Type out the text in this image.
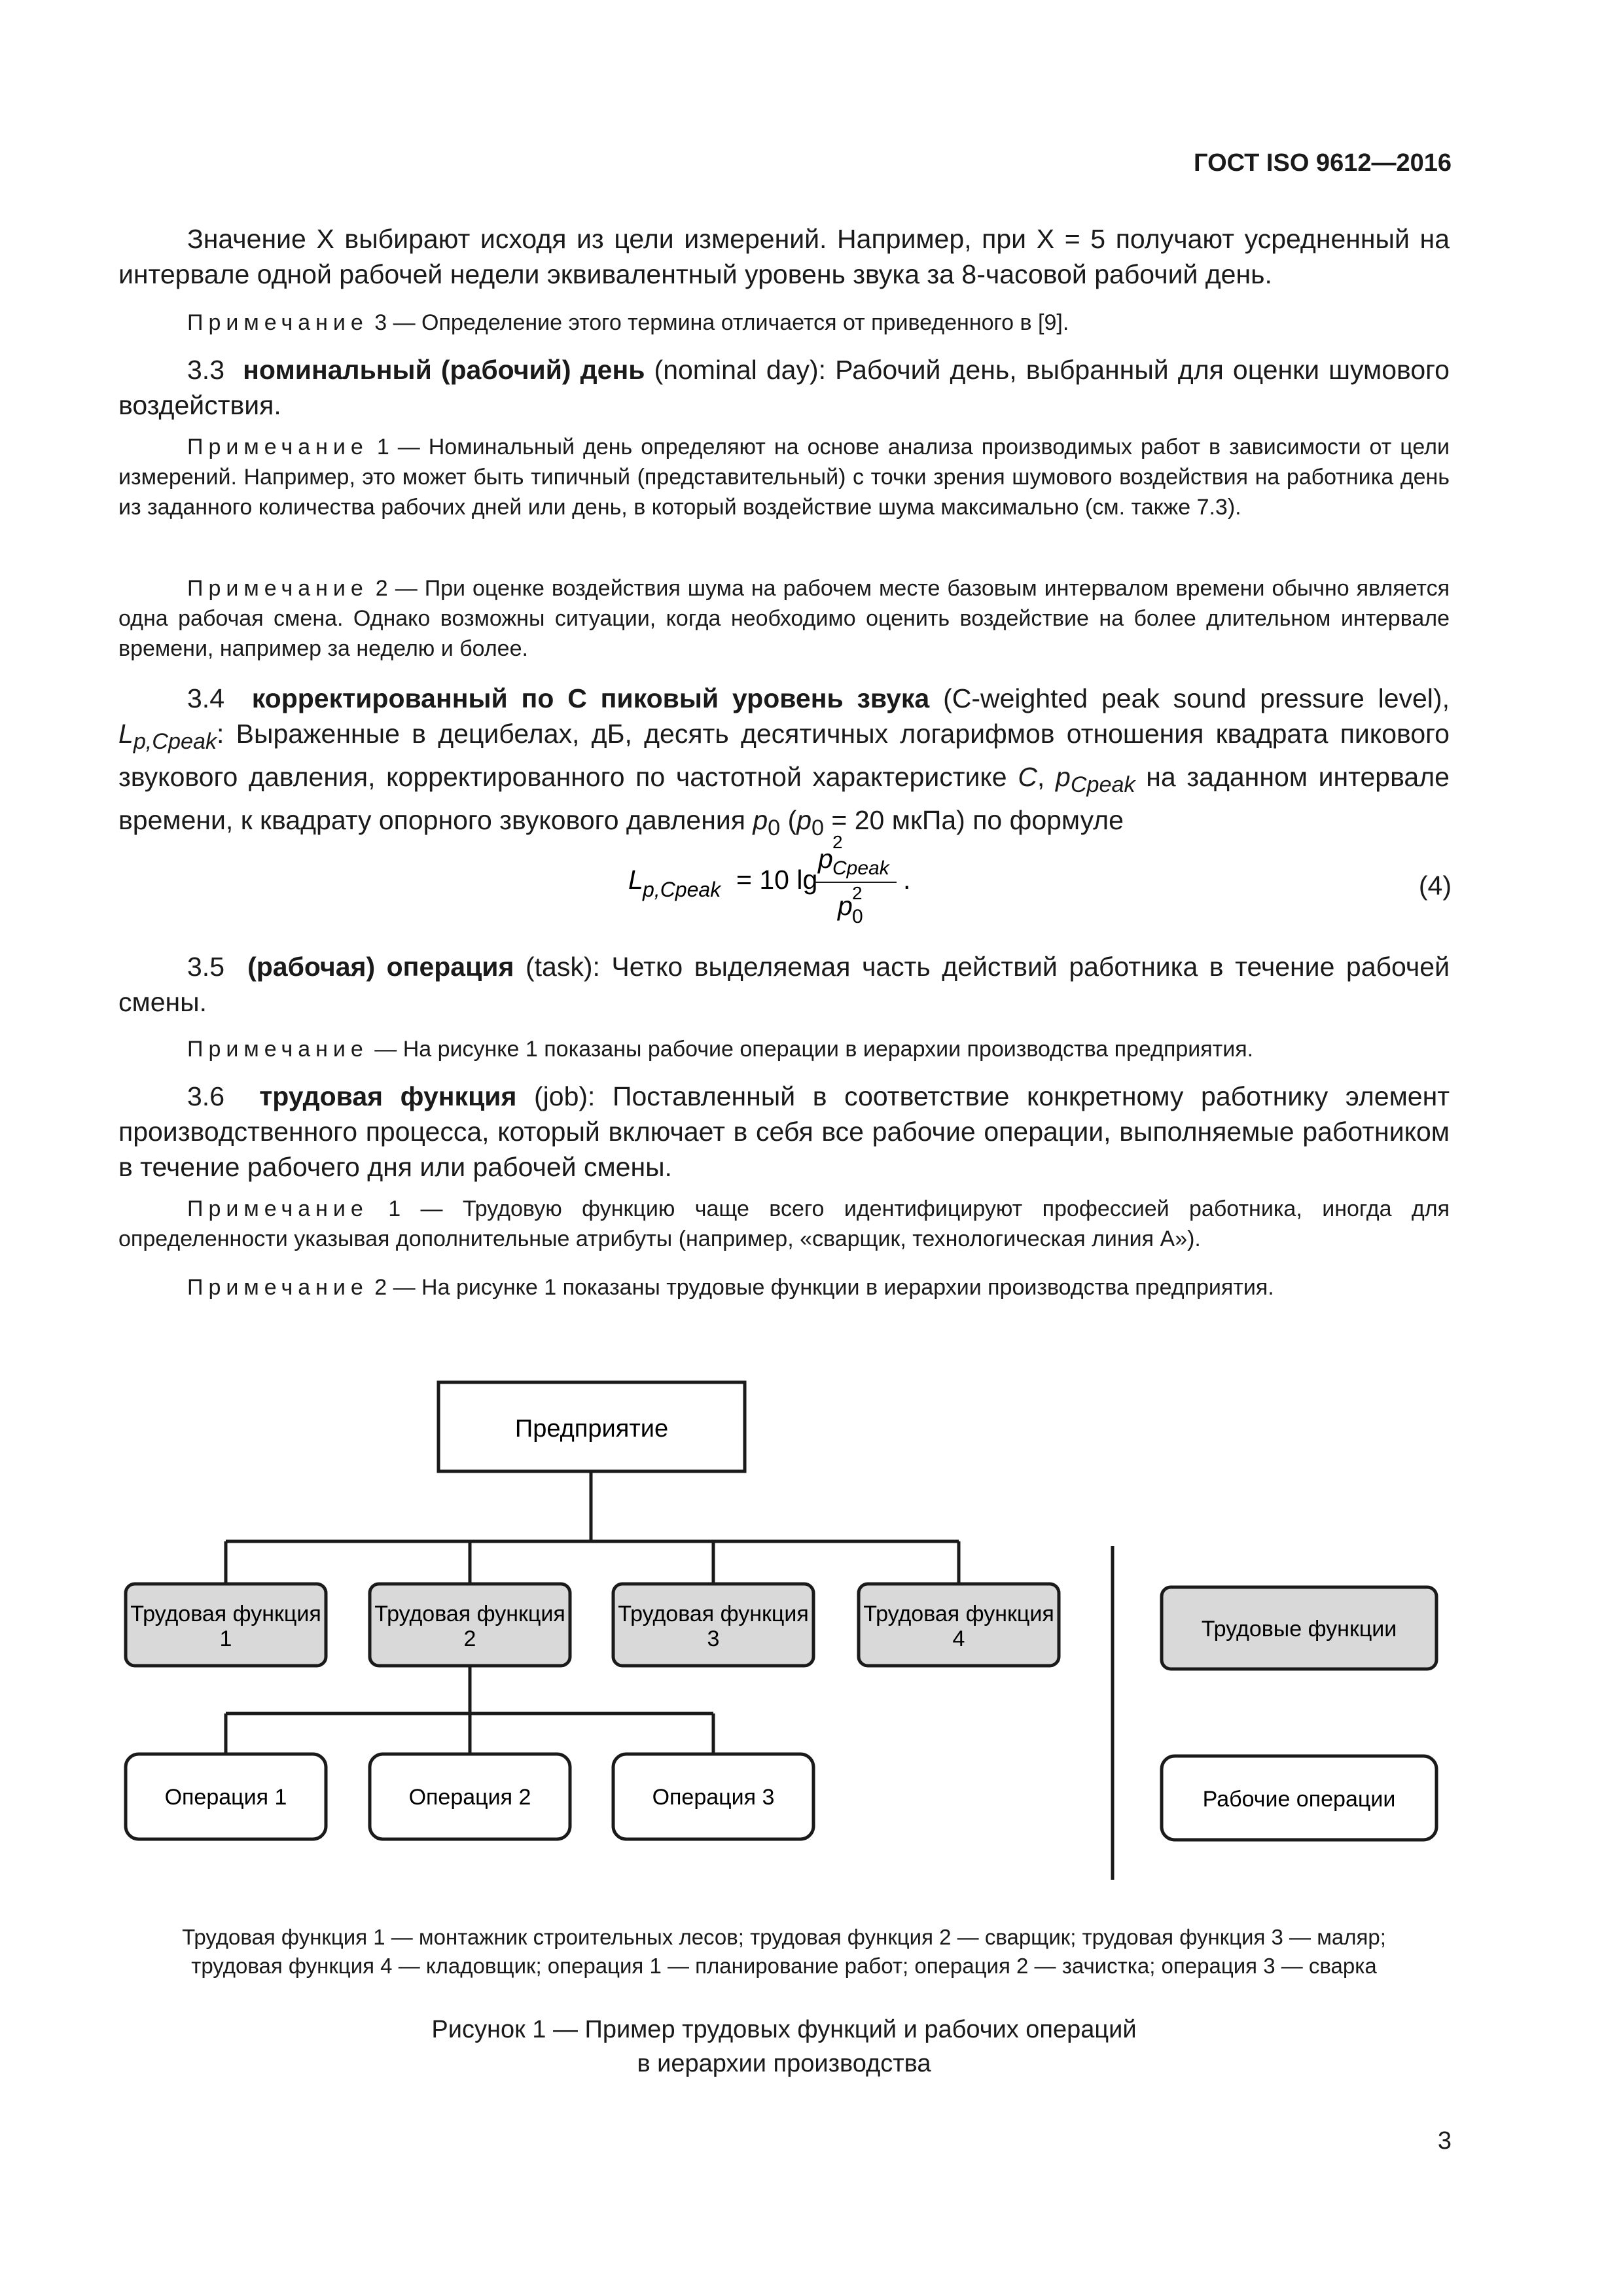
ГОСТ ISO 9612—2016

Значение X выбирают исходя из цели измерений. Например, при X = 5 получают усредненный на интервале одной рабочей недели эквивалентный уровень звука за 8-часовой рабочий день.

Примечание 3 — Определение этого термина отличается от приведенного в [9].

3.3 номинальный (рабочий) день (nominal day): Рабочий день, выбранный для оценки шумового воздействия.

Примечание 1 — Номинальный день определяют на основе анализа производимых работ в зависимости от цели измерений. Например, это может быть типичный (представительный) с точки зрения шумового воздействия на работника день из заданного количества рабочих дней или день, в который воздействие шума максимально (см. также 7.3).

Примечание 2 — При оценке воздействия шума на рабочем месте базовым интервалом времени обычно является одна рабочая смена. Однако возможны ситуации, когда необходимо оценить воздействие на более длительном интервале времени, например за неделю и более.

3.4 корректированный по С пиковый уровень звука (C-weighted peak sound pressure level), $L_{p,Cpeak}$: Выраженные в децибелах, дБ, десять десятичных логарифмов отношения квадрата пикового звукового давления, корректированного по частотной характеристике C, $p_{Cpeak}$ на заданном интервале времени, к квадрату опорного звукового давления $p_0$ ($p_0 = 20$ мкПа) по формуле

L p,Cpeak = 10 lg
p
2
Cpeak
p 2
0
.	(4)

3.5 (рабочая) операция (task): Четко выделяемая часть действий работника в течение рабочей смены.

Примечание — На рисунке 1 показаны рабочие операции в иерархии производства предприятия.

3.6 трудовая функция (job): Поставленный в соответствие конкретному работнику элемент производственного процесса, который включает в себя все рабочие операции, выполняемые работником в течение рабочего дня или рабочей смены.

Примечание 1 — Трудовую функцию чаще всего идентифицируют профессией работника, иногда для определенности указывая дополнительные атрибуты (например, «сварщик, технологическая линия А»).

Примечание 2 — На рисунке 1 показаны трудовые функции в иерархии производства предприятия.

Предприятие
Трудовая функция
1
Трудовая функция
2
Трудовая функция
3
Трудовая функция
4
Операция 1	Операция 2	Операция 3
Трудовые функции
Рабочие операции
Трудовая функция 1 — монтажник строительных лесов; трудовая функция 2 — сварщик; трудовая функция 3 — маляр;
трудовая функция 4 — кладовщик; операция 1 — планирование работ; операция 2 — зачистка; операция 3 — сварка
Рисунок 1 — Пример трудовых функций и рабочих операций
в иерархии производства
3
